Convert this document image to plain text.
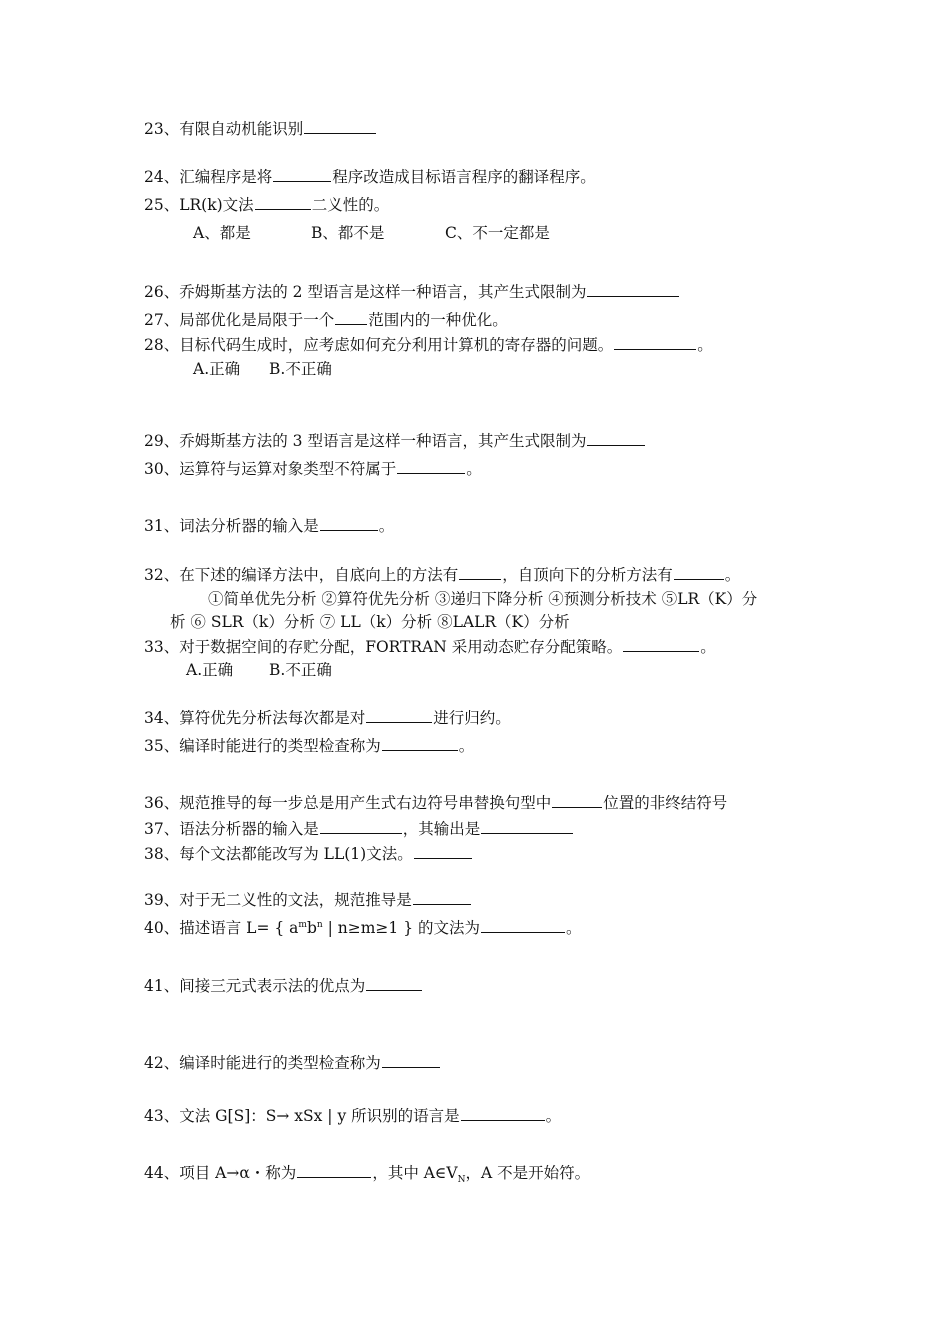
23、有限自动机能识别
24、汇编程序是将	程序改造成目标语言程序的翻译程序。
25、LR(k)文法	二义性的。
A、都是	B、都不是	C、不一定都是
26、乔姆斯基方法的 2 型语言是这样一种语言，其产生式限制为
27、局部优化是局限于一个 范围内的一种优化。
28、目标代码生成时，应考虑如何充分利用计算机的寄存器的问题。	。
A.正确 B.不正确
29、乔姆斯基方法的 3 型语言是这样一种语言，其产生式限制为
30、运算符与运算对象类型不符属于	。
31、词法分析器的输入是	。
32、在下述的编译方法中，自底向上的方法有	，自顶向下的分析方法有	。
①简单优先分析 ②算符优先分析 ③递归下降分析 ④预测分析技术 ⑤LR（K）分
析 ⑥ SLR（k）分析 ⑦ LL（k）分析 ⑧LALR（K）分析
33、对于数据空间的存贮分配，FORTRAN 采用动态贮存分配策略。	。
A.正确 B.不正确
34、算符优先分析法每次都是对	进行归约。
35、编译时能进行的类型检查称为	。
36、规范推导的每一步总是用产生式右边符号串替换句型中	位置的非终结符号
37、语法分析器的输入是	，其输出是
38、每个文法都能改写为 LL(1)文法。
39、对于无二义性的文法，规范推导是
40、描述语言 L= { $a^mb^n$ | n≥m≥1 } 的文法为	。
41、间接三元式表示法的优点为
42、编译时能进行的类型检查称为
43、文法 G[S]：S→ xSx | y 所识别的语言是	。
44、项目 A→α・称为	，其中 $A\in V_N$，A 不是开始符。
